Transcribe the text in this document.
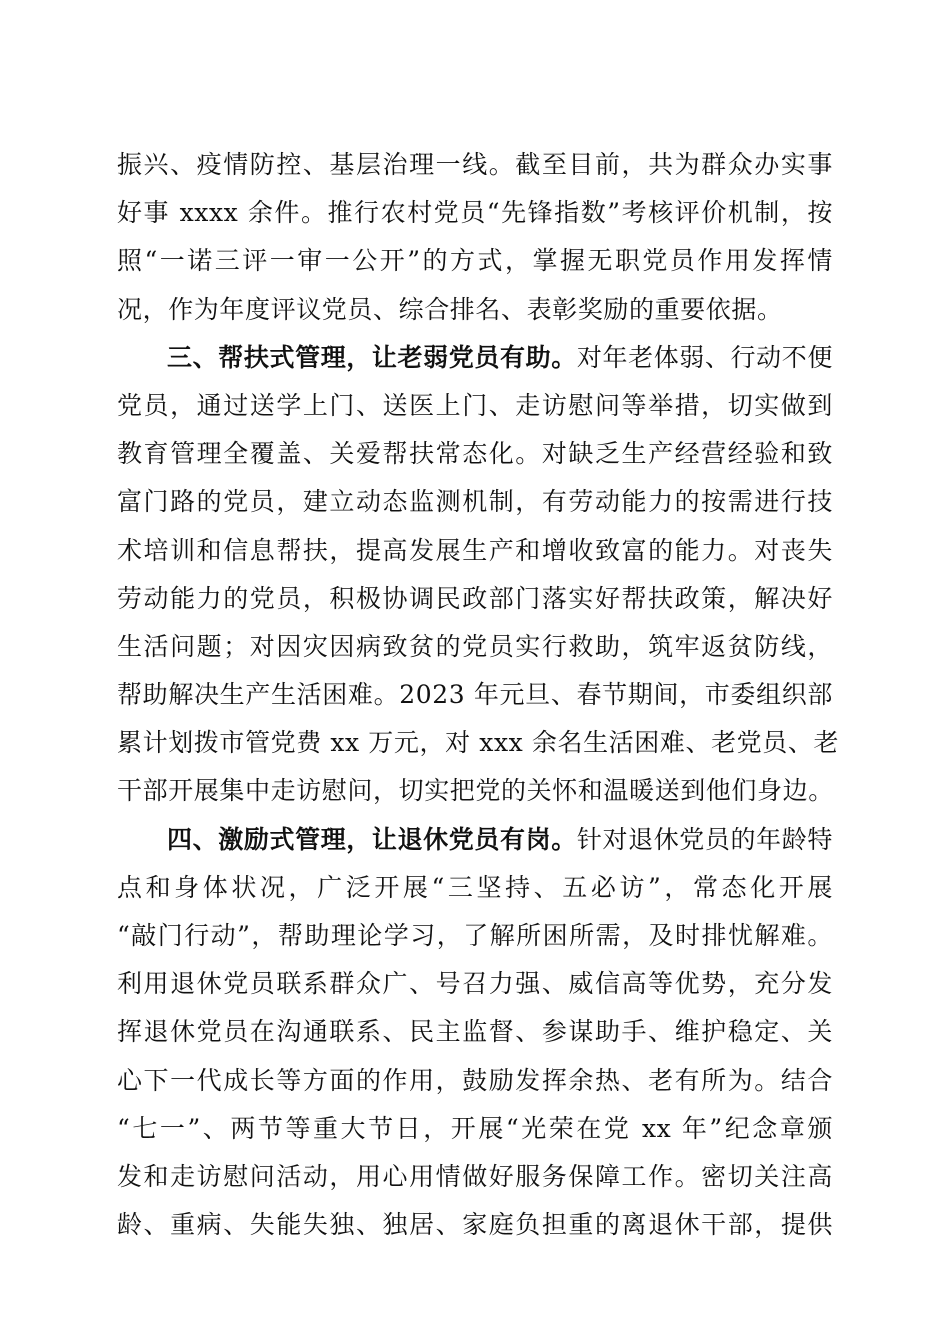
振兴、疫情防控、基层治理一线。截至目前，共为群众办实事
好事 xxxx 余件。推行农村党员“先锋指数”考核评价机制，按
照“一诺三评一审一公开”的方式，掌握无职党员作用发挥情
况，作为年度评议党员、综合排名、表彰奖励的重要依据。
三、帮扶式管理，让老弱党员有助。对年老体弱、行动不便
党员，通过送学上门、送医上门、走访慰问等举措，切实做到
教育管理全覆盖、关爱帮扶常态化。对缺乏生产经营经验和致
富门路的党员，建立动态监测机制，有劳动能力的按需进行技
术培训和信息帮扶，提高发展生产和增收致富的能力。对丧失
劳动能力的党员，积极协调民政部门落实好帮扶政策，解决好
生活问题；对因灾因病致贫的党员实行救助，筑牢返贫防线，
帮助解决生产生活困难。2023 年元旦、春节期间，市委组织部
累计划拨市管党费 xx 万元，对 xxx 余名生活困难、老党员、老
干部开展集中走访慰问，切实把党的关怀和温暖送到他们身边。
四、激励式管理，让退休党员有岗。针对退休党员的年龄特
点和身体状况，广泛开展“三坚持、五必访”，常态化开展
“敲门行动”，帮助理论学习，了解所困所需，及时排忧解难。
利用退休党员联系群众广、号召力强、威信高等优势，充分发
挥退休党员在沟通联系、民主监督、参谋助手、维护稳定、关
心下一代成长等方面的作用，鼓励发挥余热、老有所为。结合
“七一”、两节等重大节日，开展“光荣在党 xx 年”纪念章颁
发和走访慰问活动，用心用情做好服务保障工作。密切关注高
龄、重病、失能失独、独居、家庭负担重的离退休干部，提供
